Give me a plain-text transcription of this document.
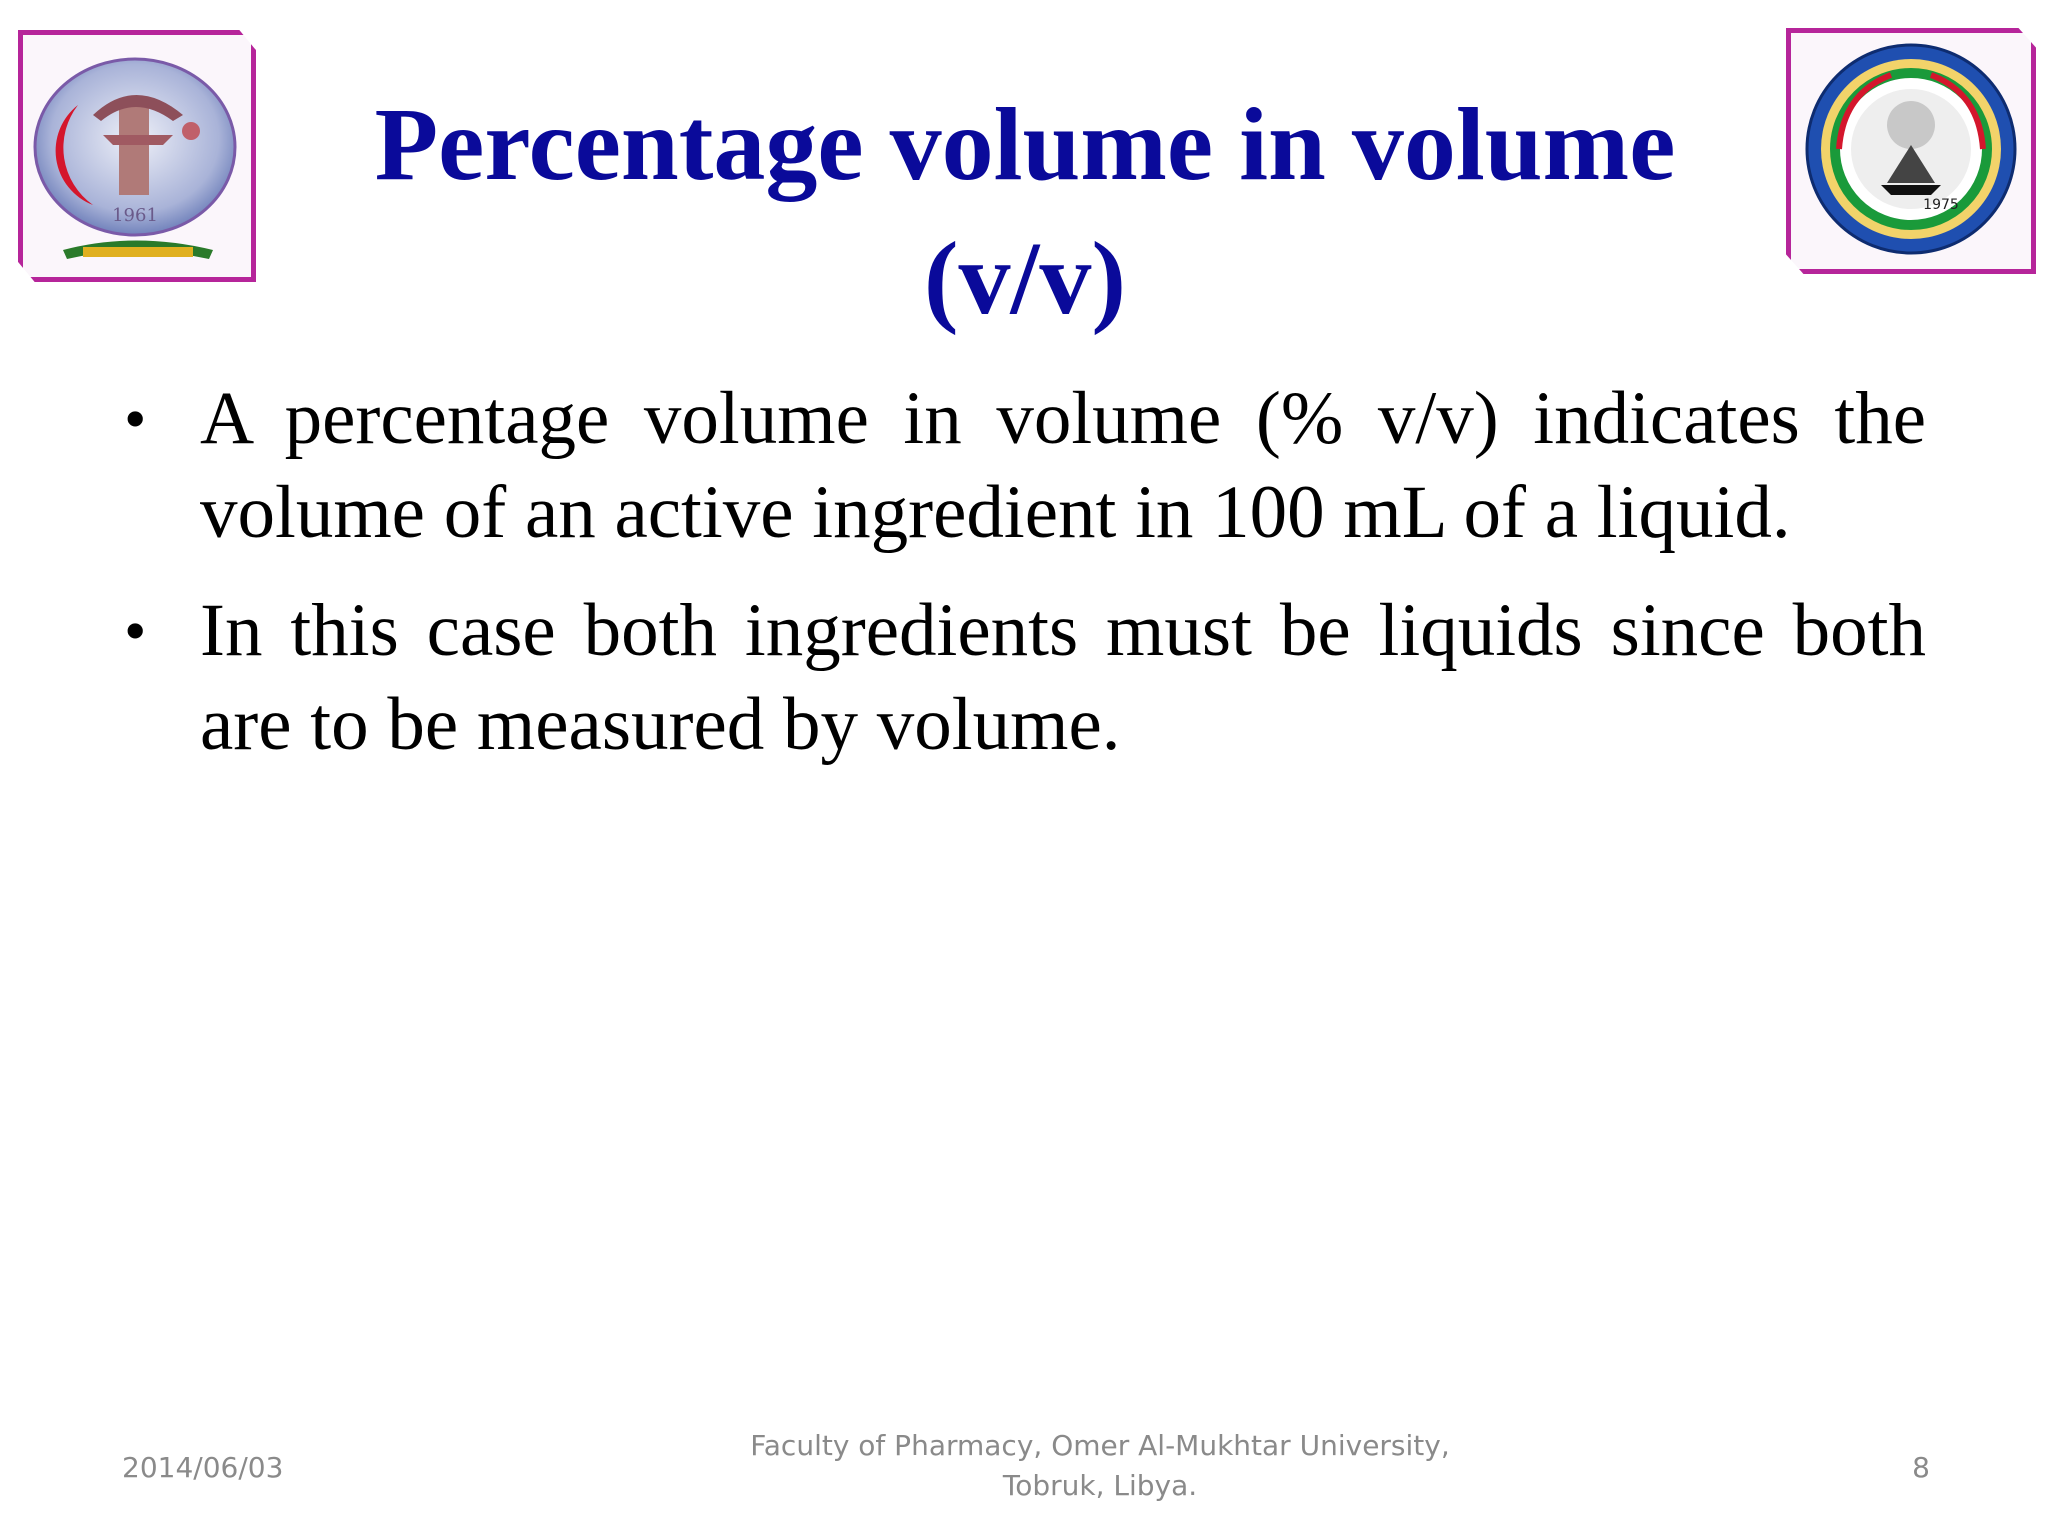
1961	1975
Percentage volume in volume
(v/v)
• A percentage volume in volume (% v/v) indicates the volume of an active ingredient in 100 mL of a liquid.
• In this case both ingredients must be liquids since both are to be measured by volume.
2014/06/03
Faculty of Pharmacy, Omer Al-Mukhtar University,
Tobruk, Libya.
8
